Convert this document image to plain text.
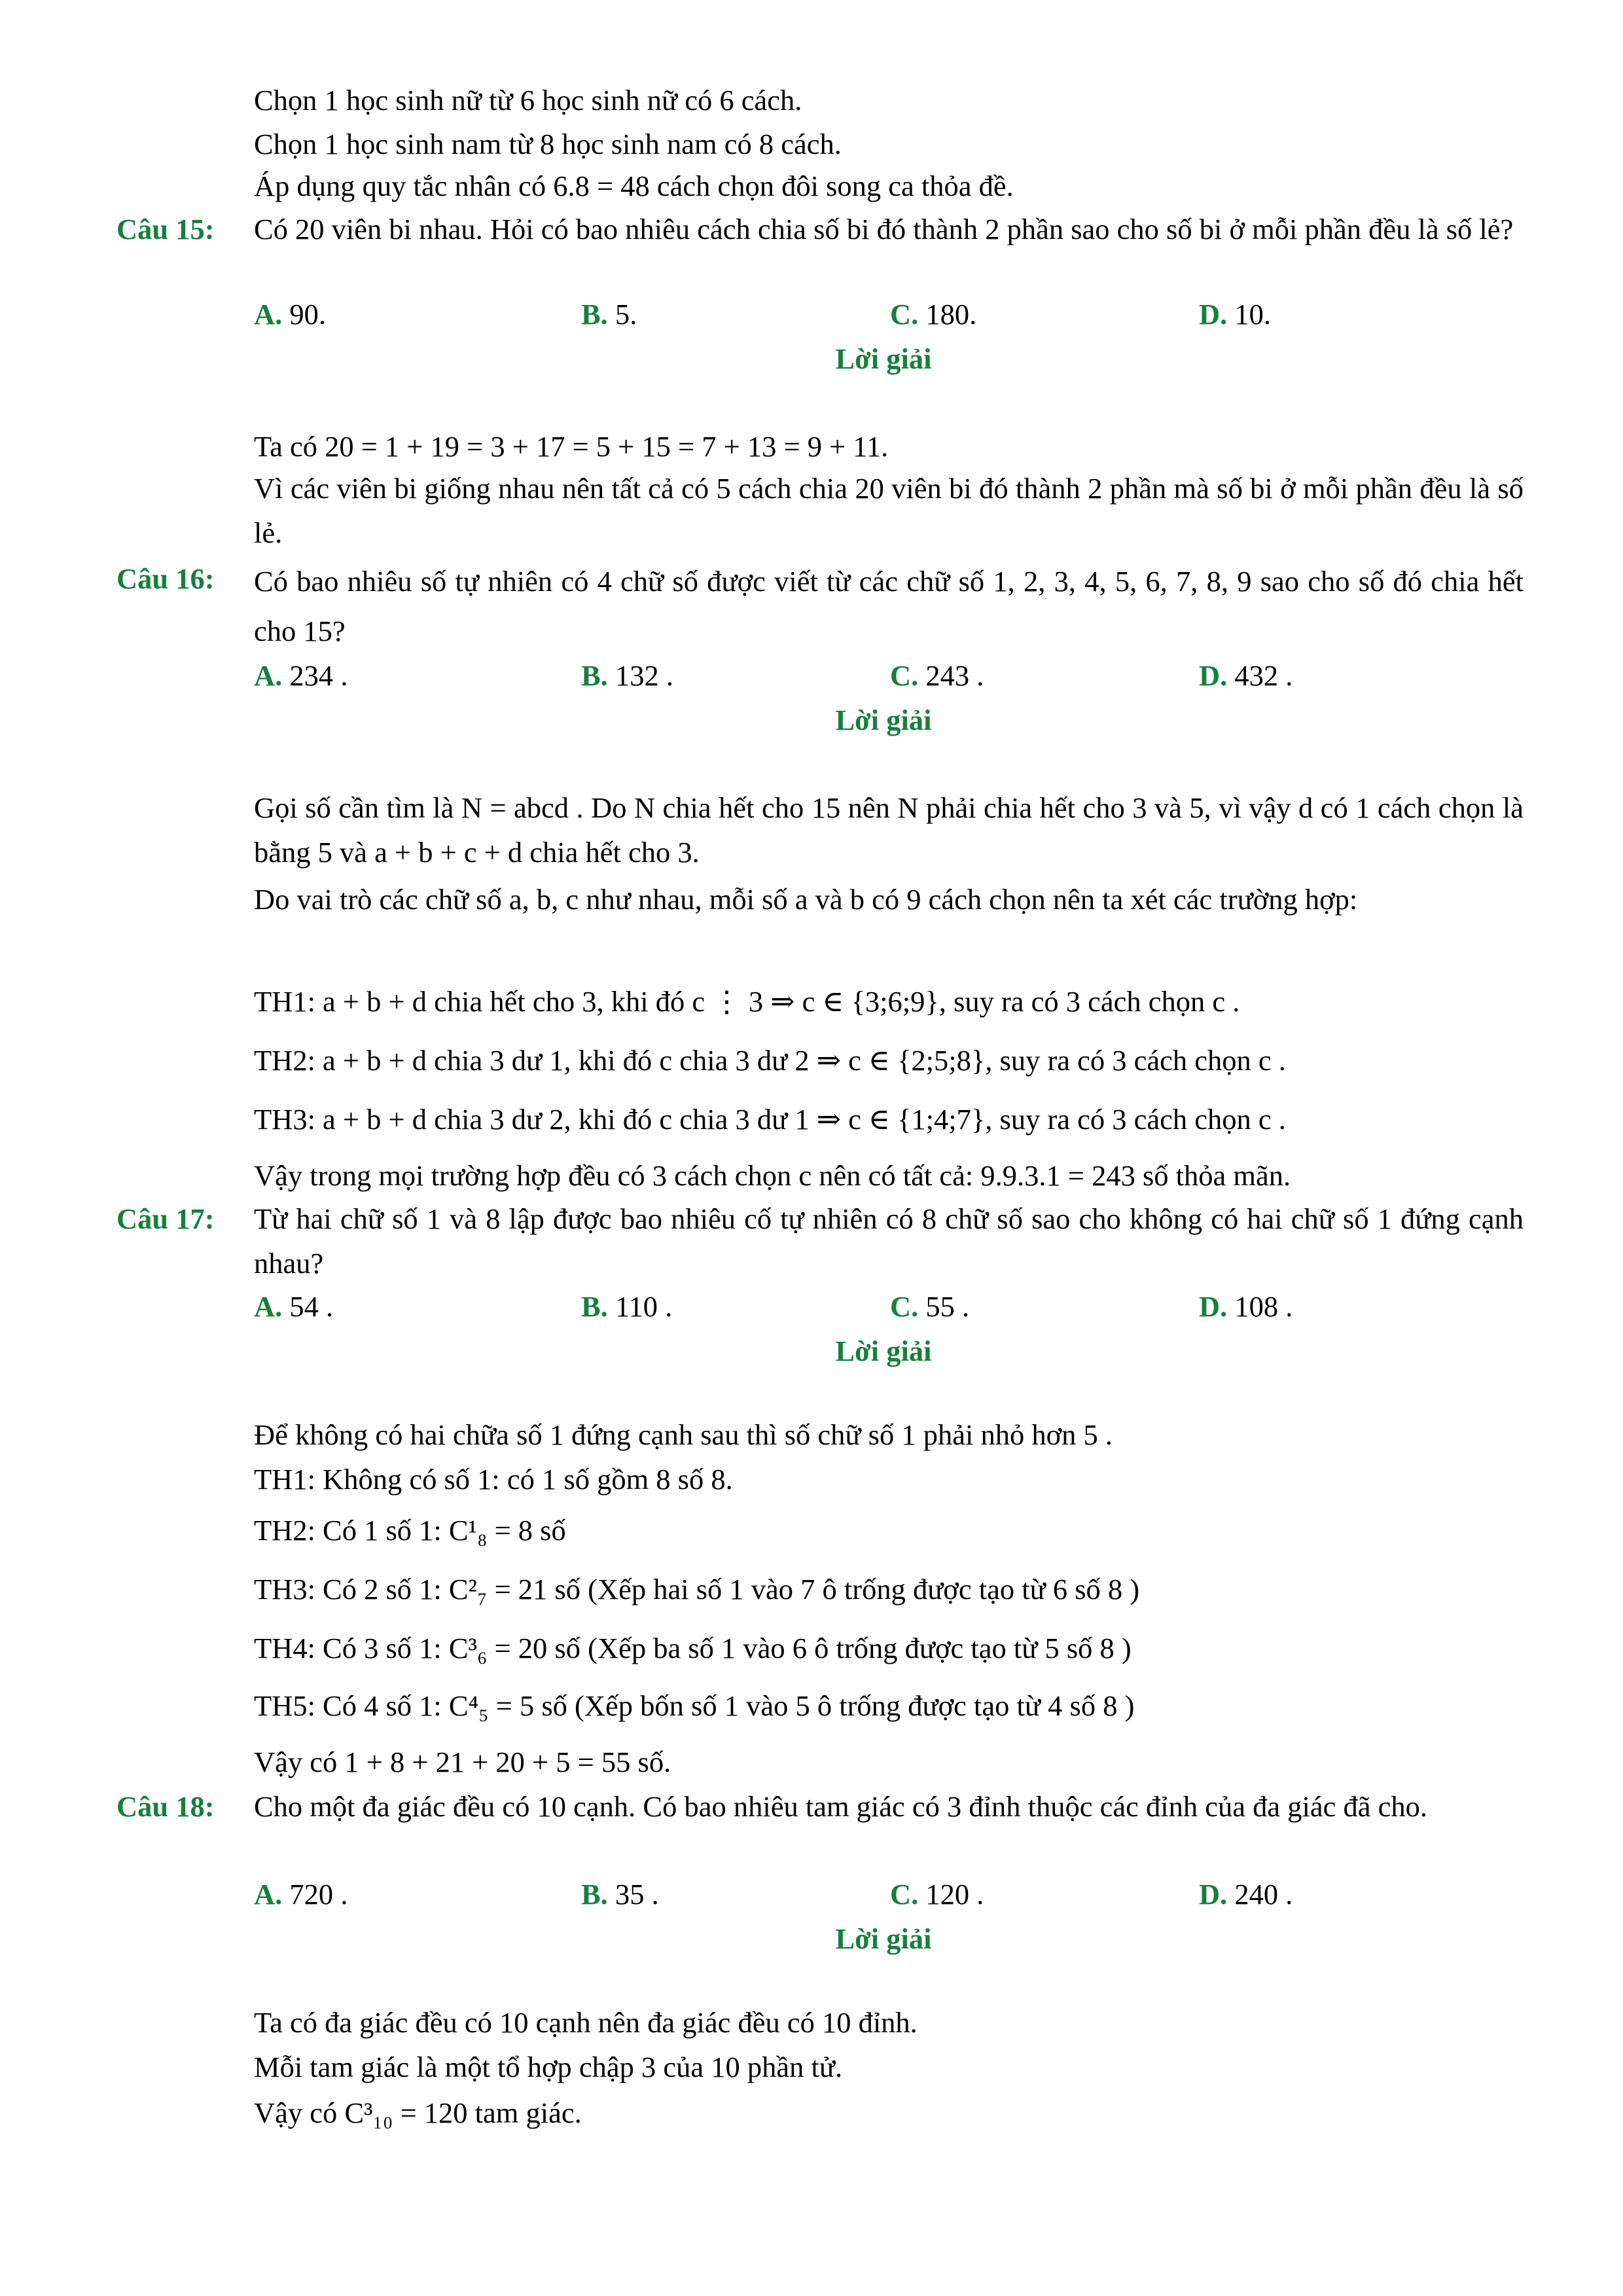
Chọn 1 học sinh nữ từ 6 học sinh nữ có 6 cách.
Chọn 1 học sinh nam từ 8 học sinh nam có 8 cách.
Áp dụng quy tắc nhân có 6.8 = 48 cách chọn đôi song ca thỏa đề.
Câu 15: Có 20 viên bi nhau. Hỏi có bao nhiêu cách chia số bi đó thành 2 phần sao cho số bi ở mỗi phần đều là số lẻ?
A. 90.	B. 5.	C. 180.	D. 10.
Lời giải
Ta có 20 = 1 + 19 = 3 + 17 = 5 + 15 = 7 + 13 = 9 + 11.
Vì các viên bi giống nhau nên tất cả có 5 cách chia 20 viên bi đó thành 2 phần mà số bi ở mỗi phần đều là số lẻ.
Câu 16: Có bao nhiêu số tự nhiên có 4 chữ số được viết từ các chữ số 1, 2, 3, 4, 5, 6, 7, 8, 9 sao cho số đó chia hết cho 15?
A. 234 .	B. 132 .	C. 243 .	D. 432 .
Lời giải
Gọi số cần tìm là N = abcd . Do N chia hết cho 15 nên N phải chia hết cho 3 và 5, vì vậy d có 1 cách chọn là bằng 5 và a + b + c + d chia hết cho 3.
Do vai trò các chữ số a, b, c như nhau, mỗi số a và b có 9 cách chọn nên ta xét các trường hợp:
TH1: a + b + d chia hết cho 3, khi đó c ⋮ 3 ⇒ c ∈ {3;6;9}, suy ra có 3 cách chọn c .
TH2: a + b + d chia 3 dư 1, khi đó c chia 3 dư 2 ⇒ c ∈ {2;5;8}, suy ra có 3 cách chọn c .
TH3: a + b + d chia 3 dư 2, khi đó c chia 3 dư 1 ⇒ c ∈ {1;4;7}, suy ra có 3 cách chọn c .
Vậy trong mọi trường hợp đều có 3 cách chọn c nên có tất cả: 9.9.3.1 = 243 số thỏa mãn.
Câu 17: Từ hai chữ số 1 và 8 lập được bao nhiêu cố tự nhiên có 8 chữ số sao cho không có hai chữ số 1 đứng cạnh nhau?
A. 54 .	B. 110 .	C. 55 .	D. 108 .
Lời giải
Để không có hai chữa số 1 đứng cạnh sau thì số chữ số 1 phải nhỏ hơn 5 .
TH1: Không có số 1: có 1 số gồm 8 số 8.
TH2: Có 1 số 1: C¹₈ = 8 số
TH3: Có 2 số 1: C²₇ = 21 số (Xếp hai số 1 vào 7 ô trống được tạo từ 6 số 8 )
TH4: Có 3 số 1: C³₆ = 20 số (Xếp ba số 1 vào 6 ô trống được tạo từ 5 số 8 )
TH5: Có 4 số 1: C⁴₅ = 5 số (Xếp bốn số 1 vào 5 ô trống được tạo từ 4 số 8 )
Vậy có 1 + 8 + 21 + 20 + 5 = 55 số.
Câu 18: Cho một đa giác đều có 10 cạnh. Có bao nhiêu tam giác có 3 đỉnh thuộc các đỉnh của đa giác đã cho.
A. 720 .	B. 35 .	C. 120 .	D. 240 .
Lời giải
Ta có đa giác đều có 10 cạnh nên đa giác đều có 10 đỉnh.
Mỗi tam giác là một tổ hợp chập 3 của 10 phần tử.
Vậy có C³₁₀ = 120 tam giác.
